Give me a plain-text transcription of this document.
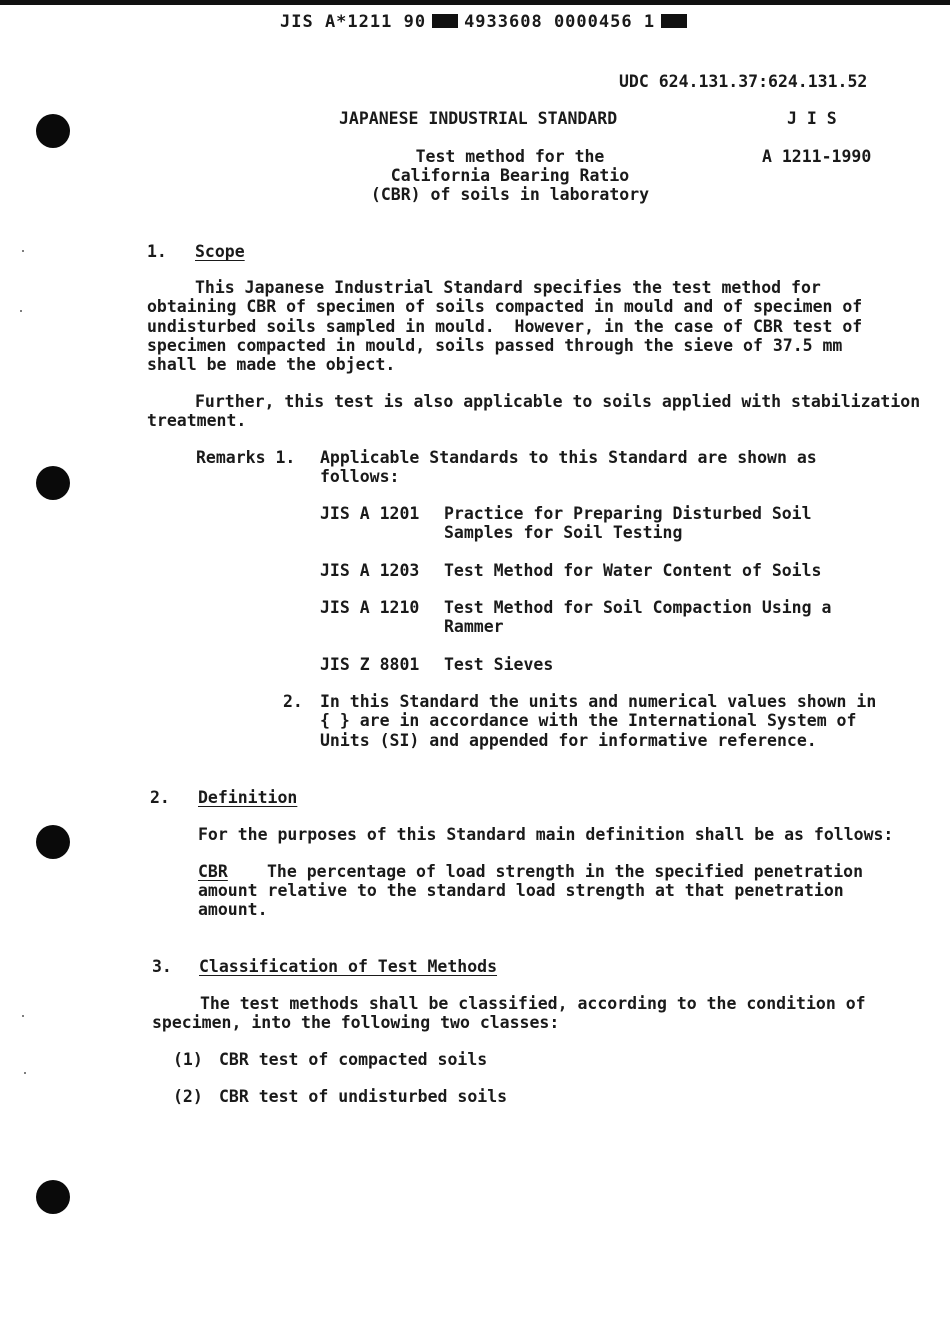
JIS A*1211 90 4933608 0000456 1
UDC 624.131.37:624.131.52
JAPANESE INDUSTRIAL STANDARD	J I S
Test method for the
California Bearing Ratio
(CBR) of soils in laboratory
A 1211-1990
1. Scope
This Japanese Industrial Standard specifies the test method for
obtaining CBR of specimen of soils compacted in mould and of specimen of
undisturbed soils sampled in mould.  However, in the case of CBR test of
specimen compacted in mould, soils passed through the sieve of 37.5 mm
shall be made the object.
Further, this test is also applicable to soils applied with stabilization
treatment.
Remarks 1. Applicable Standards to this Standard are shown as
follows:
JIS A 1201 Practice for Preparing Disturbed Soil
Samples for Soil Testing
JIS A 1203 Test Method for Water Content of Soils
JIS A 1210 Test Method for Soil Compaction Using a
Rammer
JIS Z 8801 Test Sieves
2. In this Standard the units and numerical values shown in
{ } are in accordance with the International System of
Units (SI) and appended for informative reference.
2. Definition
For the purposes of this Standard main definition shall be as follows:
CBR The percentage of load strength in the specified penetration
amount relative to the standard load strength at that penetration
amount.
3. Classification of Test Methods
The test methods shall be classified, according to the condition of
specimen, into the following two classes:
(1) CBR test of compacted soils
(2) CBR test of undisturbed soils
